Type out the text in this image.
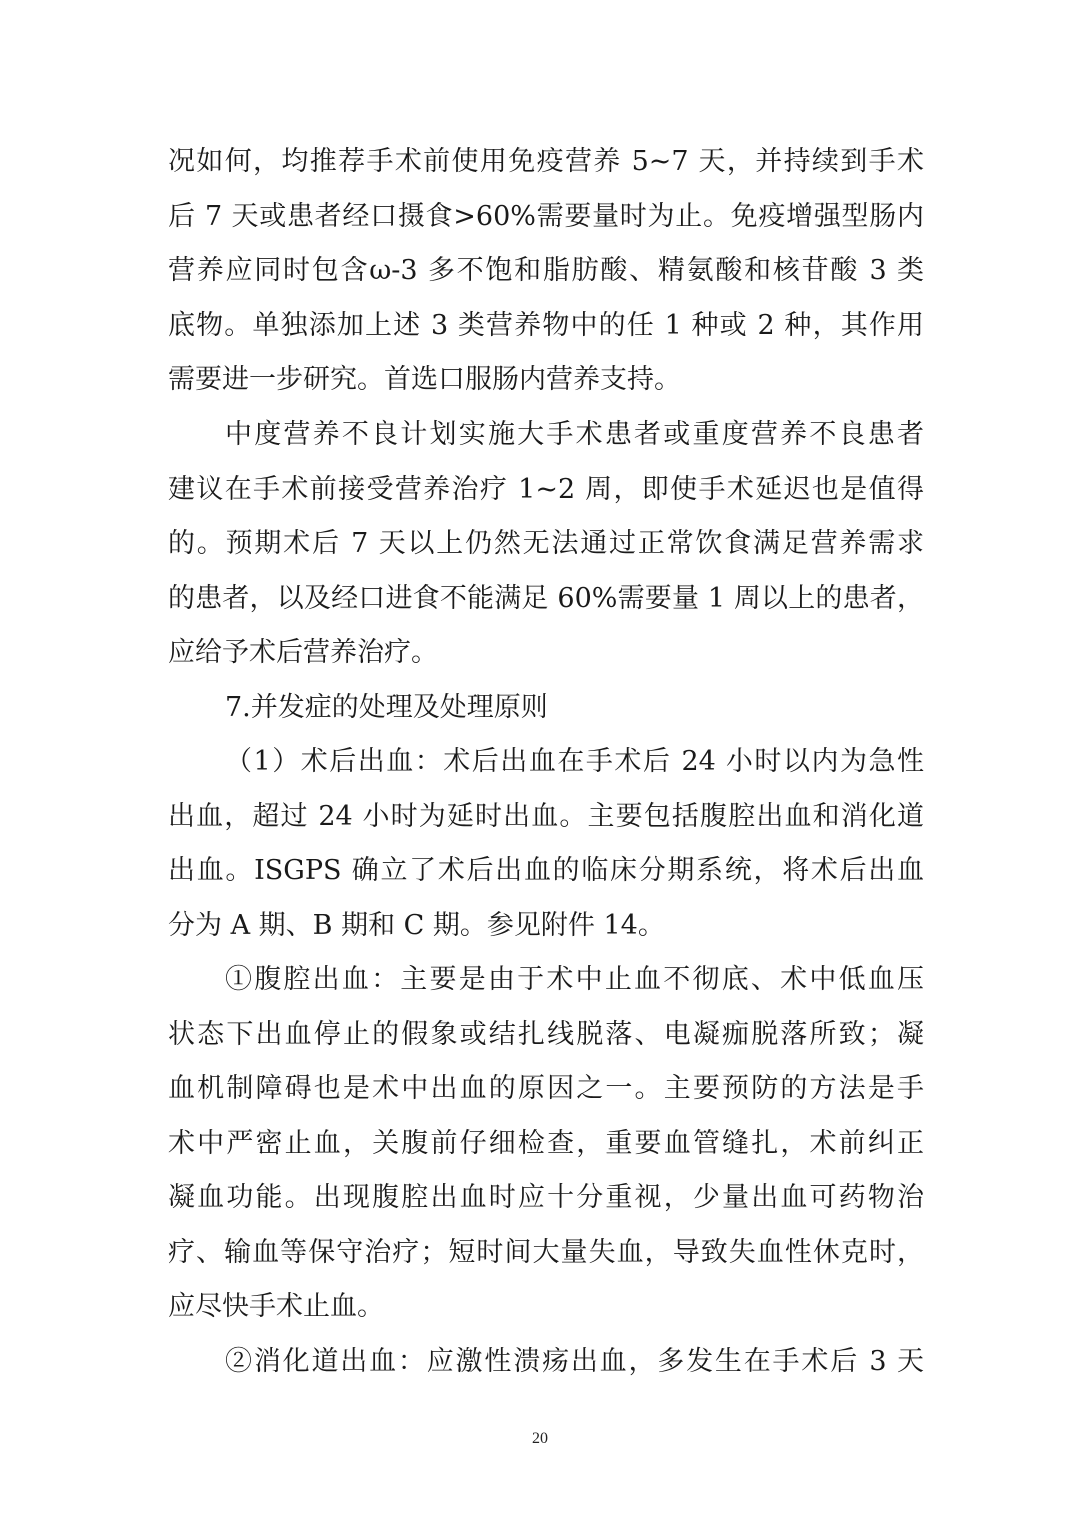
况如何，均推荐手术前使用免疫营养 5~7 天，并持续到手术
后 7 天或患者经口摄食>60%需要量时为止。免疫增强型肠内
营养应同时包含ω-3 多不饱和脂肪酸、精氨酸和核苷酸 3 类
底物。单独添加上述 3 类营养物中的任 1 种或 2 种，其作用
需要进一步研究。首选口服肠内营养支持。
中度营养不良计划实施大手术患者或重度营养不良患者
建议在手术前接受营养治疗 1~2 周，即使手术延迟也是值得
的。预期术后 7 天以上仍然无法通过正常饮食满足营养需求
的患者，以及经口进食不能满足 60%需要量 1 周以上的患者，
应给予术后营养治疗。
7.并发症的处理及处理原则
（1）术后出血：术后出血在手术后 24 小时以内为急性
出血，超过 24 小时为延时出血。主要包括腹腔出血和消化道
出血。ISGPS 确立了术后出血的临床分期系统，将术后出血
分为 A 期、B 期和 C 期。参见附件 14。
①腹腔出血：主要是由于术中止血不彻底、术中低血压
状态下出血停止的假象或结扎线脱落、电凝痂脱落所致；凝
血机制障碍也是术中出血的原因之一。主要预防的方法是手
术中严密止血，关腹前仔细检查，重要血管缝扎，术前纠正
凝血功能。出现腹腔出血时应十分重视，少量出血可药物治
疗、输血等保守治疗；短时间大量失血，导致失血性休克时，
应尽快手术止血。
②消化道出血：应激性溃疡出血，多发生在手术后 3 天
20
